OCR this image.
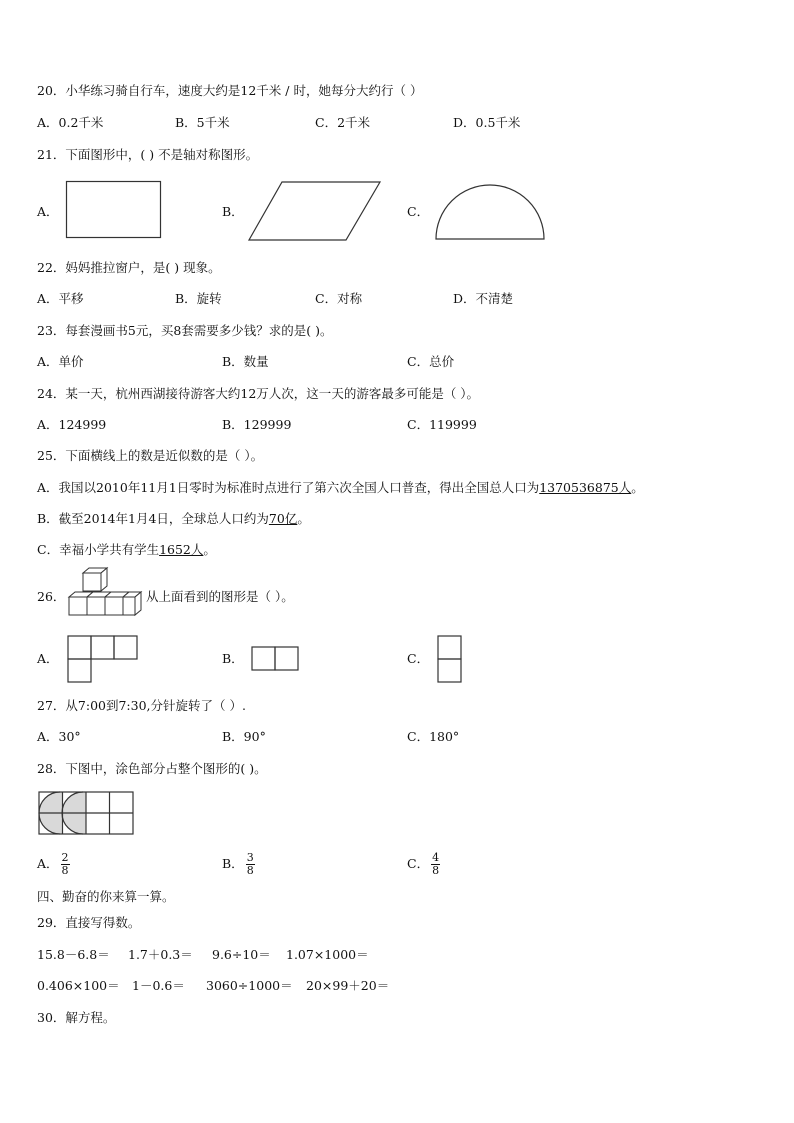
20．小华练习骑自行车，速度大约是12千米 / 时，她每分大约行（ ）
A．0.2千米	B．5千米	C．2千米	D．0.5千米
21．下面图形中，( ) 不是轴对称图形。
A．	B．	C．
22．妈妈推拉窗户，是( ) 现象。
A．平移	B．旋转	C．对称	D．不清楚
23．每套漫画书5元，买8套需要多少钱？求的是( )。
A．单价	B．数量	C．总价
24．某一天，杭州西湖接待游客大约12万人次，这一天的游客最多可能是（ ）。
A．124999	B．129999	C．119999
25．下面横线上的数是近似数的是（ ）。
A．我国以2010年11月1日零时为标准时点进行了第六次全国人口普查，得出全国总人口为1370536875人。
B．截至2014年1月4日，全球总人口约为70亿。
C．幸福小学共有学生1652人。
26．	从上面看到的图形是（ ）。
A．	B．	C．
27．从7:00到7:30,分针旋转了（ ）.
A．30°	B．90°	C．180°
28．下图中，涂色部分占整个图形的( )。
A． $\frac{2}{8}$	B． $\frac{3}{8}$	C． $\frac{4}{8}$
四、勤奋的你来算一算。
29．直接写得数。
15.8－6.8＝ 1.7＋0.3＝ 9.6÷10＝ 1.07×1000＝
0.406×100＝ 1－0.6＝ 3060÷1000＝ 20×99＋20＝
30．解方程。
